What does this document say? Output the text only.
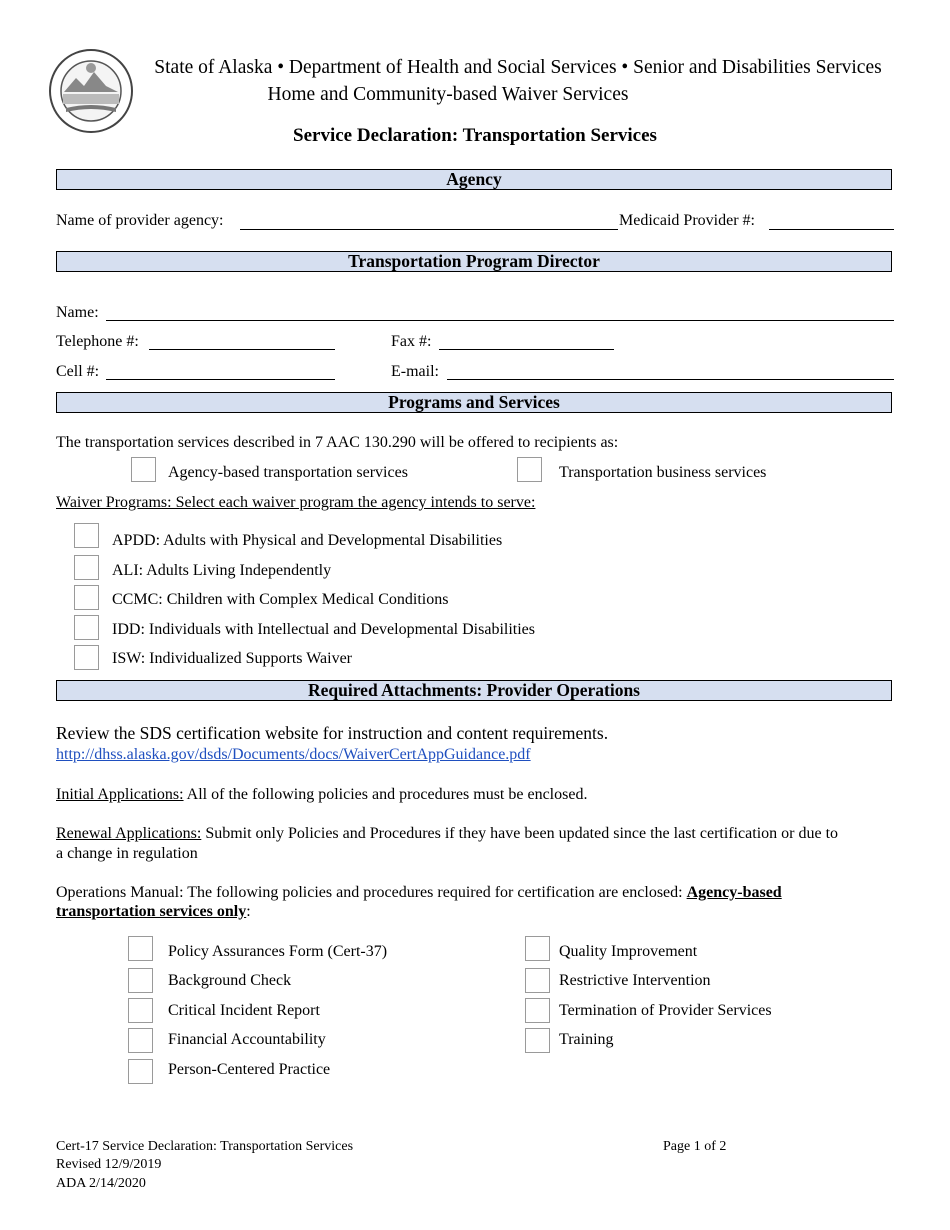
State of Alaska • Department of Health and Social Services • Senior and Disabilities Services
Home and Community-based Waiver Services
Service Declaration: Transportation Services
Agency
Name of provider agency:	Medicaid Provider #:
Transportation Program Director
Name:
Telephone #:	Fax #:
Cell #:	E-mail:
Programs and Services
The transportation services described in 7 AAC 130.290 will be offered to recipients as:
Agency-based transportation services	Transportation business services
Waiver Programs: Select each waiver program the agency intends to serve:
APDD: Adults with Physical and Developmental Disabilities
ALI: Adults Living Independently
CCMC: Children with Complex Medical Conditions
IDD: Individuals with Intellectual and Developmental Disabilities
ISW: Individualized Supports Waiver
Required Attachments: Provider Operations
Review the SDS certification website for instruction and content requirements.
http://dhss.alaska.gov/dsds/Documents/docs/WaiverCertAppGuidance.pdf
Initial Applications: All of the following policies and procedures must be enclosed.
Renewal Applications: Submit only Policies and Procedures if they have been updated since the last certification or due to
a change in regulation
Operations Manual: The following policies and procedures required for certification are enclosed: Agency-based
transportation services only:
Policy Assurances Form (Cert-37)
Background Check
Critical Incident Report
Financial Accountability
Person-Centered Practice
Quality Improvement
Restrictive Intervention
Termination of Provider Services
Training
Cert-17 Service Declaration: Transportation Services
Revised 12/9/2019
ADA 2/14/2020
Page 1 of 2
